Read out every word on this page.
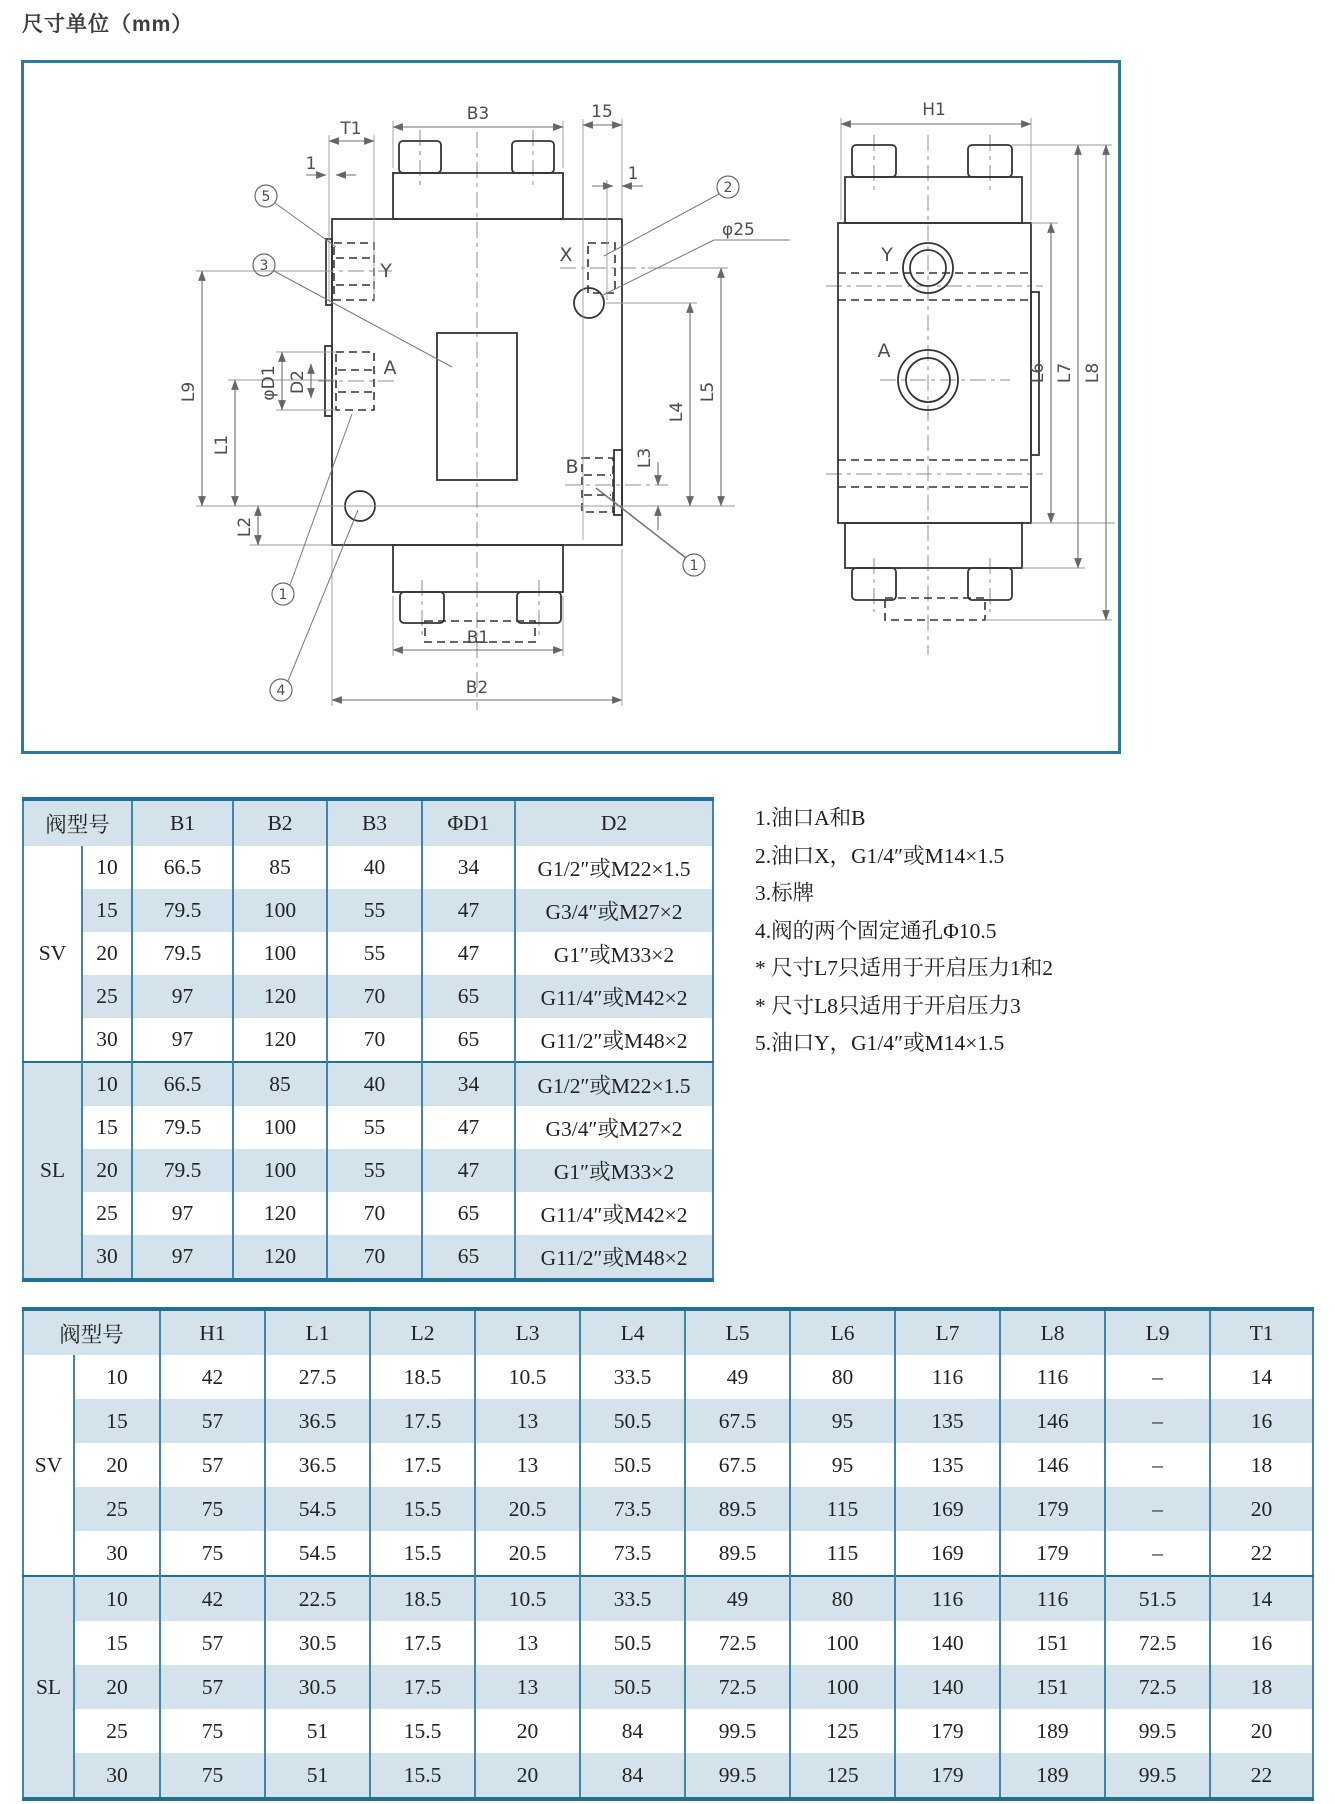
尺寸单位（mm）
T1
1
B3	15
1
Y
X
A
B
L9
L1
L2
φD1 D2
L3
L4
L5
B1
B2
φ25
5
3
1
4
2
1
H1
Y
A
L6 L7 L8
阀型号		B1	B2	B3	ΦD1	D2
SV	10	66.5	85	40	34	G1/2″或M22×1.5
	15	79.5	100	55	47	G3/4″或M27×2
	20	79.5	100	55	47	G1″或M33×2
	25	97	120	70	65	G11/4″或M42×2
	30	97	120	70	65	G11/2″或M48×2
SL	10	66.5	85	40	34	G1/2″或M22×1.5
	15	79.5	100	55	47	G3/4″或M27×2
	20	79.5	100	55	47	G1″或M33×2
	25	97	120	70	65	G11/4″或M42×2
	30	97	120	70	65	G11/2″或M48×2
1.油口A和B
2.油口X，G1/4″或M14×1.5
3.标牌
4.阀的两个固定通孔Φ10.5
* 尺寸L7只适用于开启压力1和2
* 尺寸L8只适用于开启压力3
5.油口Y，G1/4″或M14×1.5
阀型号		H1	L1	L2	L3	L4	L5	L6	L7	L8	L9	T1
SV	10	42	27.5	18.5	10.5	33.5	49	80	116	116	–	14
	15	57	36.5	17.5	13	50.5	67.5	95	135	146	–	16
	20	57	36.5	17.5	13	50.5	67.5	95	135	146	–	18
	25	75	54.5	15.5	20.5	73.5	89.5	115	169	179	–	20
	30	75	54.5	15.5	20.5	73.5	89.5	115	169	179	–	22
SL	10	42	22.5	18.5	10.5	33.5	49	80	116	116	51.5	14
	15	57	30.5	17.5	13	50.5	72.5	100	140	151	72.5	16
	20	57	30.5	17.5	13	50.5	72.5	100	140	151	72.5	18
	25	75	51	15.5	20	84	99.5	125	179	189	99.5	20
	30	75	51	15.5	20	84	99.5	125	179	189	99.5	22
